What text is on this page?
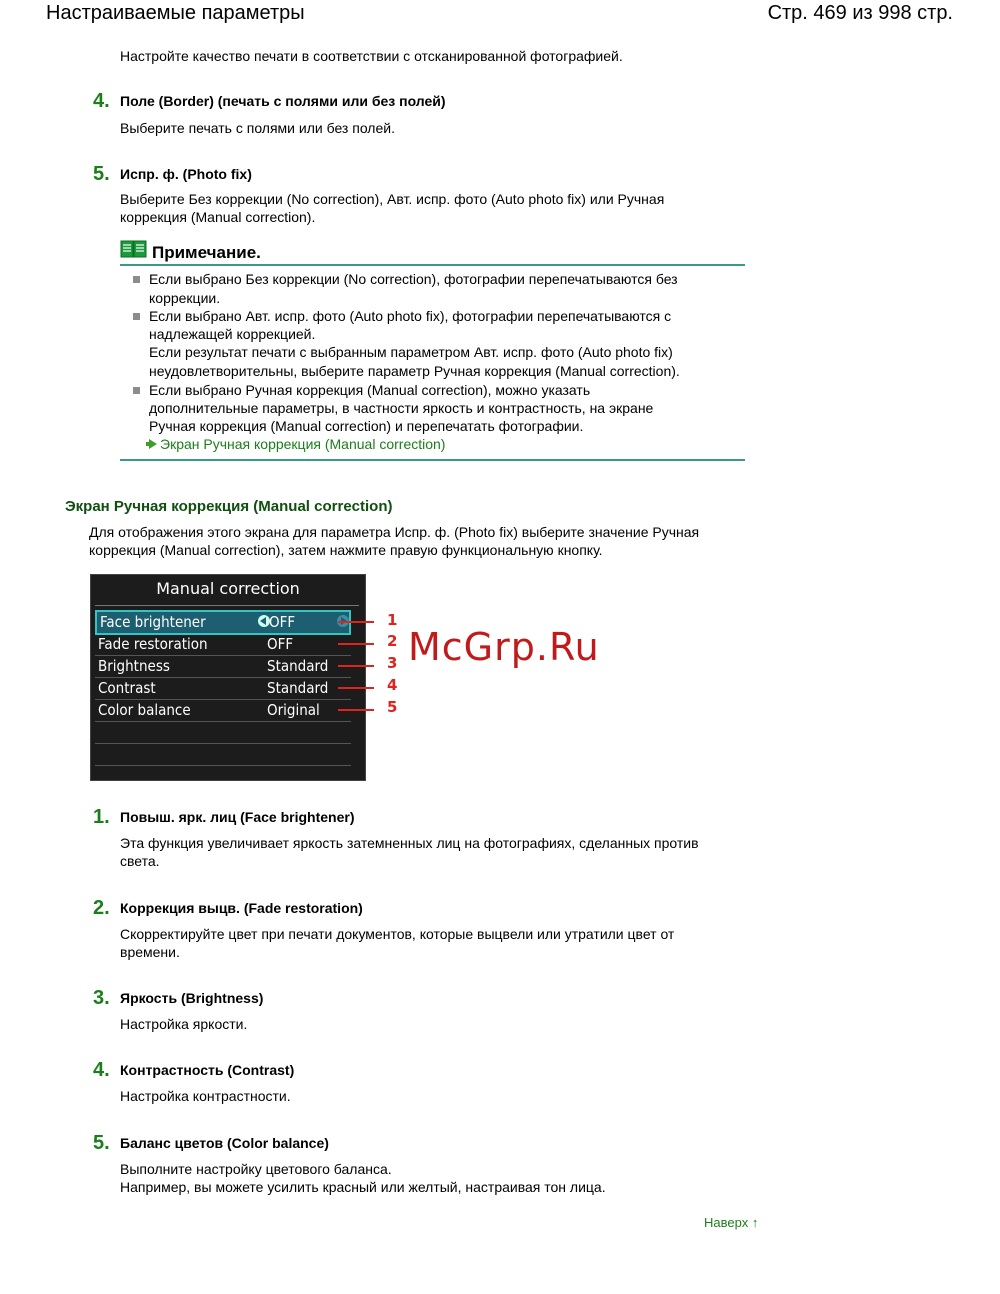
Настраиваемые параметры	Стр. 469 из 998 стр.
Настройте качество печати в соответствии с отсканированной фотографией.
4. Поле (Border) (печать с полями или без полей)
Выберите печать с полями или без полей.
5. Испр. ф. (Photo fix)
Выберите Без коррекции (No correction), Авт. испр. фото (Auto photo fix) или Ручная
коррекция (Manual correction).
Примечание.
Если выбрано Без коррекции (No correction), фотографии перепечатываются без
коррекции.
Если выбрано Авт. испр. фото (Auto photo fix), фотографии перепечатываются с
надлежащей коррекцией.
Если результат печати с выбранным параметром Авт. испр. фото (Auto photo fix)
неудовлетворительны, выберите параметр Ручная коррекция (Manual correction).
Если выбрано Ручная коррекция (Manual correction), можно указать
дополнительные параметры, в частности яркость и контрастность, на экране
Ручная коррекция (Manual correction) и перепечатать фотографии.
Экран Ручная коррекция (Manual correction)
Экран Ручная коррекция (Manual correction)
Для отображения этого экрана для параметра Испр. ф. (Photo fix) выберите значение Ручная
коррекция (Manual correction), затем нажмите правую функциональную кнопку.
Manual correction
Face brightener	OFF
Fade restoration	OFF
Brightness	Standard
Contrast	Standard
Color balance	Original
1
2
3
4
5
McGrp.Ru
1. Повыш. ярк. лиц (Face brightener)
Эта функция увеличивает яркость затемненных лиц на фотографиях, сделанных против
света.
2. Коррекция выцв. (Fade restoration)
Скорректируйте цвет при печати документов, которые выцвели или утратили цвет от
времени.
3. Яркость (Brightness)
Настройка яркости.
4. Контрастность (Contrast)
Настройка контрастности.
5. Баланс цветов (Color balance)
Выполните настройку цветового баланса.
Например, вы можете усилить красный или желтый, настраивая тон лица.
Наверх ↑
